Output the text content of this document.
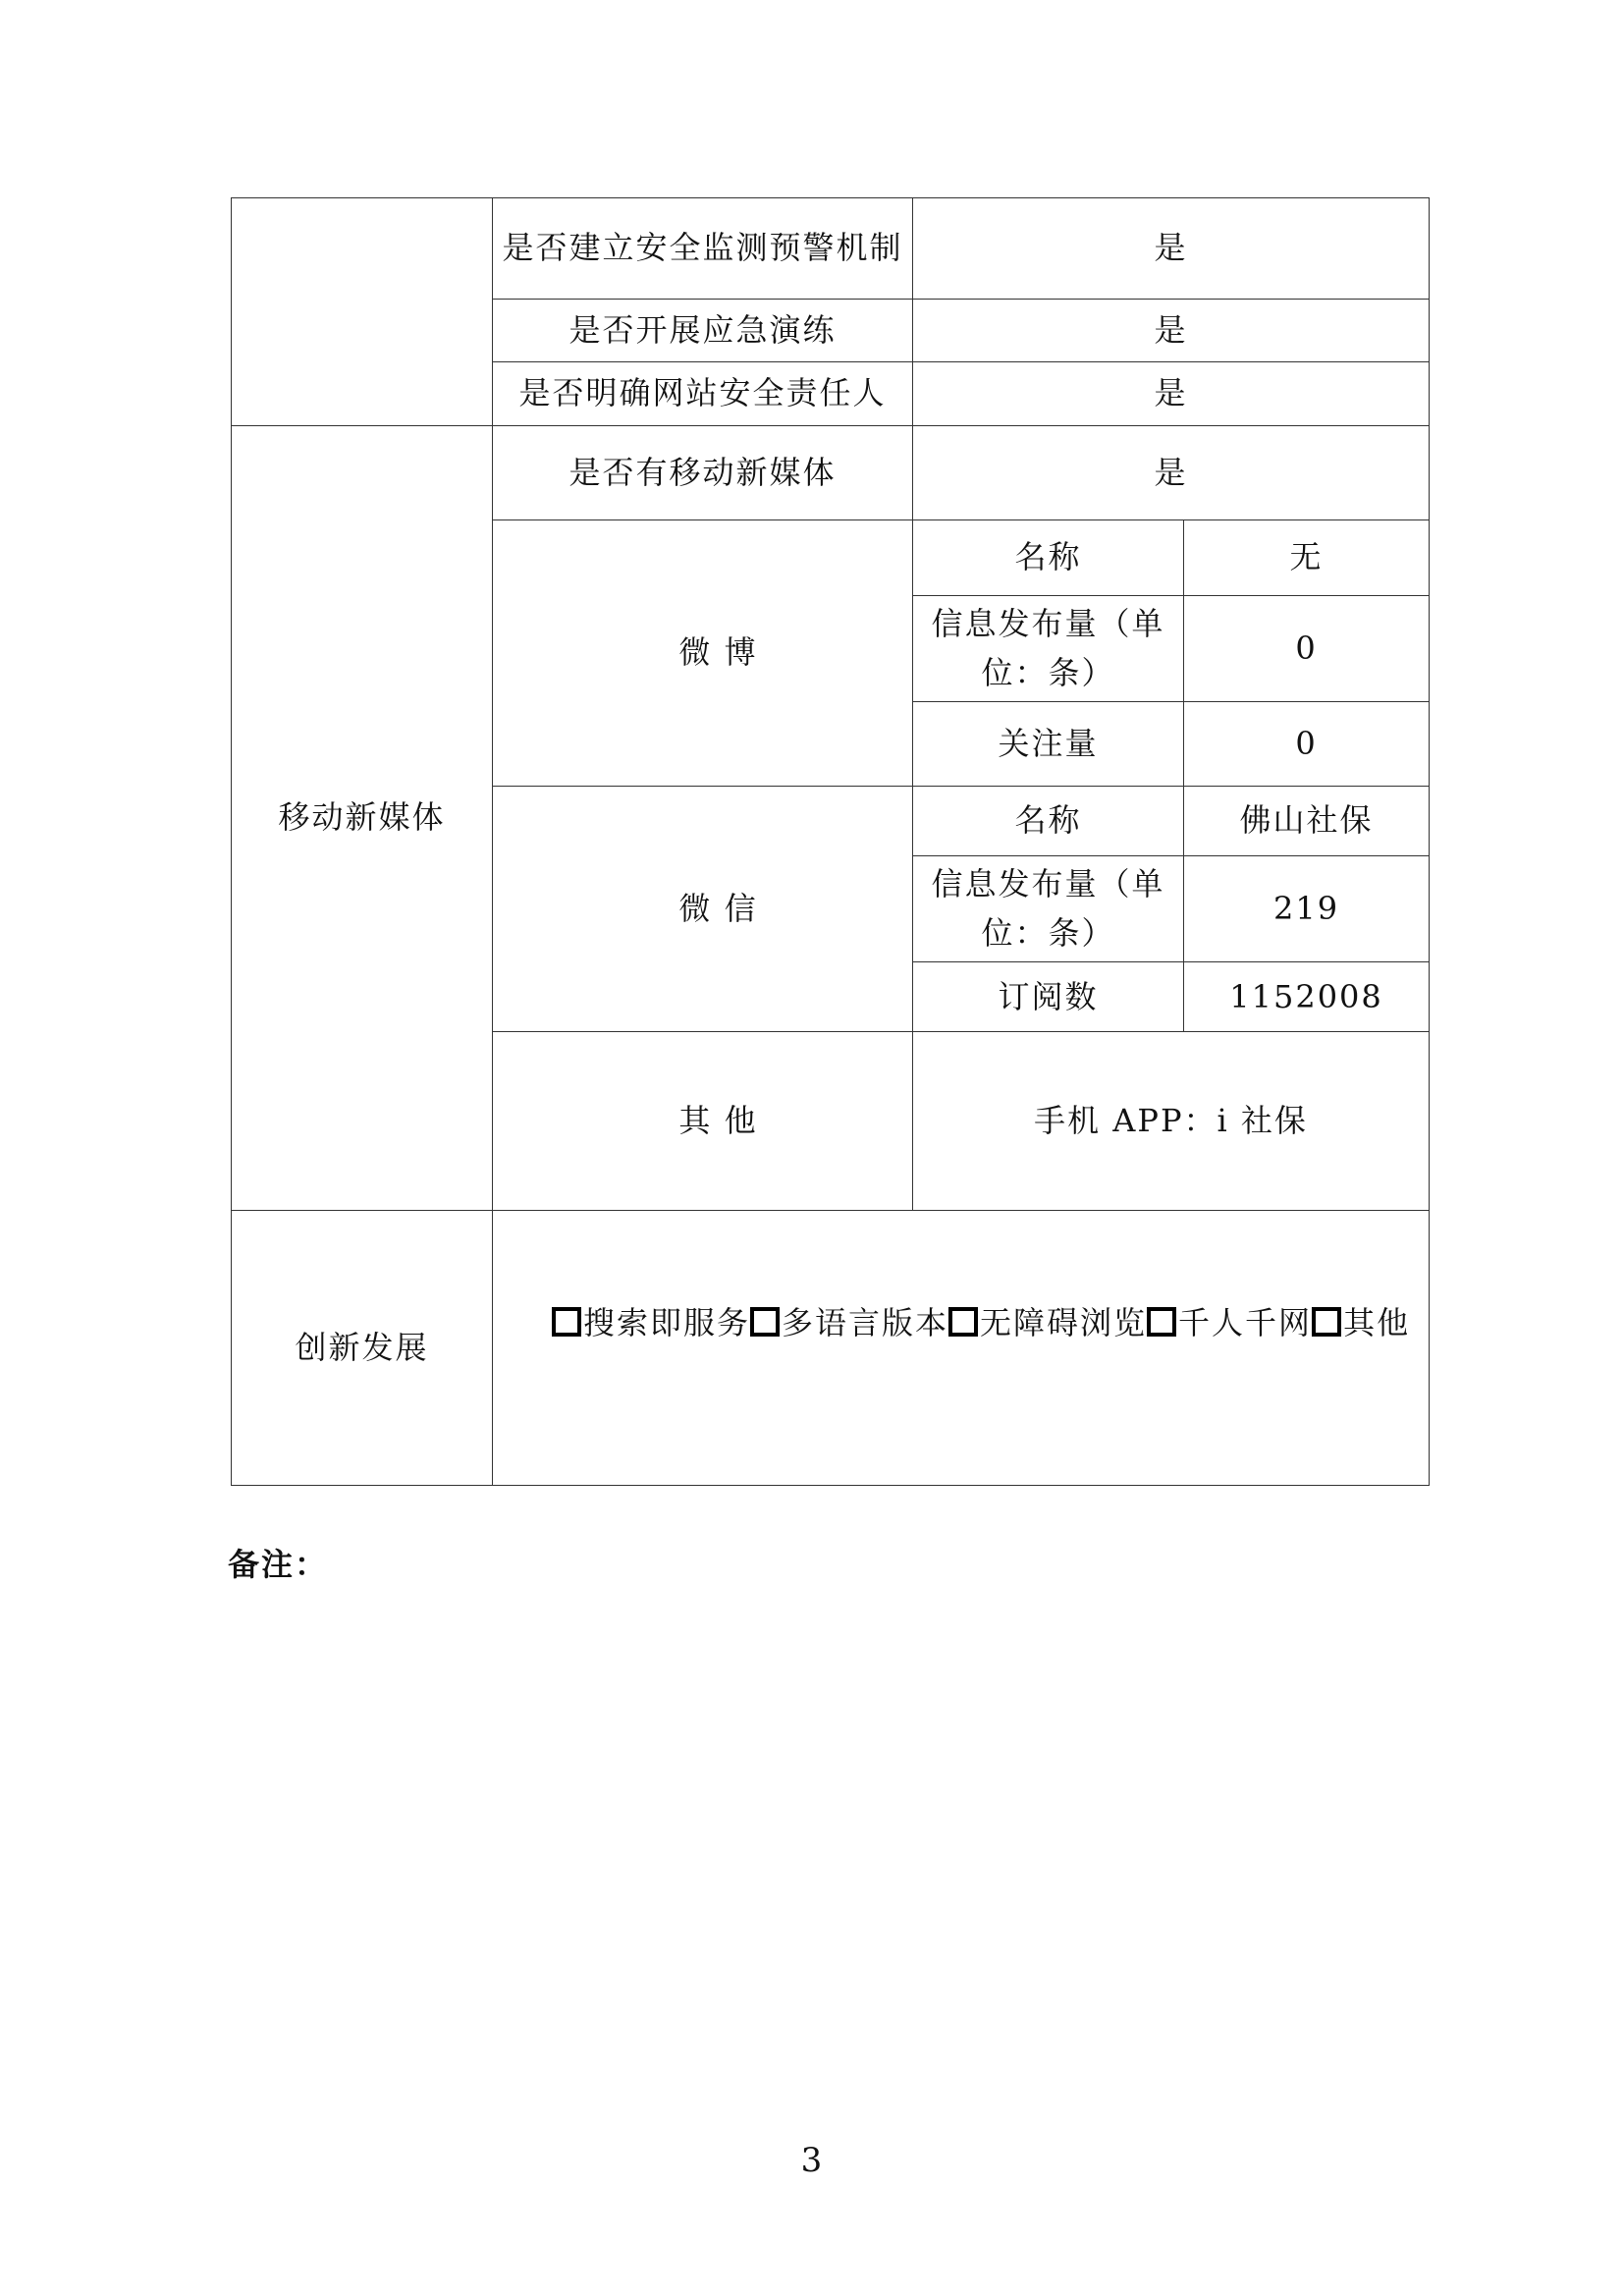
	是否建立安全监测预警机制	是	
	是否开展应急演练	是	
	是否明确网站安全责任人	是	
移动新媒体	是否有移动新媒体	是	
	微 博	名称	无
		信息发布量（单位：条）	0
		关注量	0
	微 信	名称	佛山社保
		信息发布量（单位：条）	219
		订阅数	1152008
	其 他	手机 APP：i 社保	
创新发展	搜索即服务 多语言版本 无障碍浏览 千人千网 其他		
备注：
3
